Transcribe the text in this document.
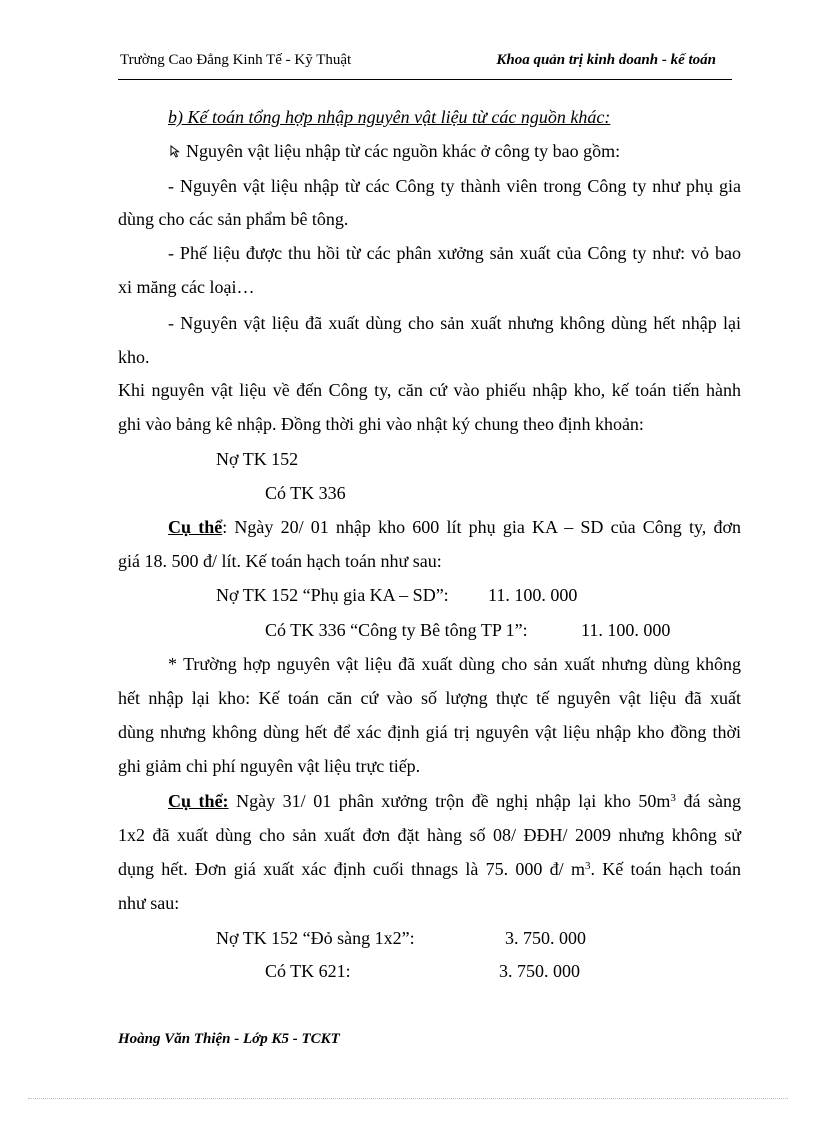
Trường Cao Đẳng Kinh Tế - Kỹ Thuật	Khoa quản trị kinh doanh - kế toán
b) Kế toán tổng hợp nhập nguyên vật liệu từ các nguồn khác:
Nguyên vật liệu nhập từ các nguồn khác ở công ty bao gồm:
- Nguyên vật liệu nhập từ các Công ty thành viên trong Công ty như phụ gia
dùng cho các sản phẩm bê tông.
- Phế liệu được thu hồi từ các phân xưởng sản xuất của Công ty như: vỏ bao
xi măng các loại…
- Nguyên vật liệu đã xuất dùng cho sản xuất nhưng không dùng hết nhập lại
kho.
Khi nguyên vật liệu về đến Công ty, căn cứ vào phiếu nhập kho, kế toán tiến hành
ghi vào bảng kê nhập. Đồng thời ghi vào nhật ký chung theo định khoản:
Nợ TK 152
Có TK 336
Cụ thể: Ngày 20/ 01 nhập kho 600 lít phụ gia KA – SD của Công ty, đơn
giá 18. 500 đ/ lít. Kế toán hạch toán như sau:
Nợ TK 152 “Phụ gia KA – SD”: 11. 100. 000
Có TK 336 “Công ty Bê tông TP 1”:	11. 100. 000
* Trường hợp nguyên vật liệu đã xuất dùng cho sản xuất nhưng dùng không
hết nhập lại kho: Kế toán căn cứ vào số lượng thực tế nguyên vật liệu đã xuất
dùng nhưng không dùng hết để xác định giá trị nguyên vật liệu nhập kho đồng thời
ghi giảm chi phí nguyên vật liệu trực tiếp.
Cụ thể: Ngày 31/ 01 phân xưởng trộn đề nghị nhập lại kho $50m^3$ đá sàng
1x2 đã xuất dùng cho sản xuất đơn đặt hàng số 08/ ĐĐH/ 2009 nhưng không sử
dụng hết. Đơn giá xuất xác định cuối thnags là 75. 000 đ/ $m^3$. Kế toán hạch toán
như sau:
Nợ TK 152 “Đỏ sàng 1x2”:	3. 750. 000
Có TK 621:	3. 750. 000
Hoàng Văn Thiện - Lớp K5 - TCKT
